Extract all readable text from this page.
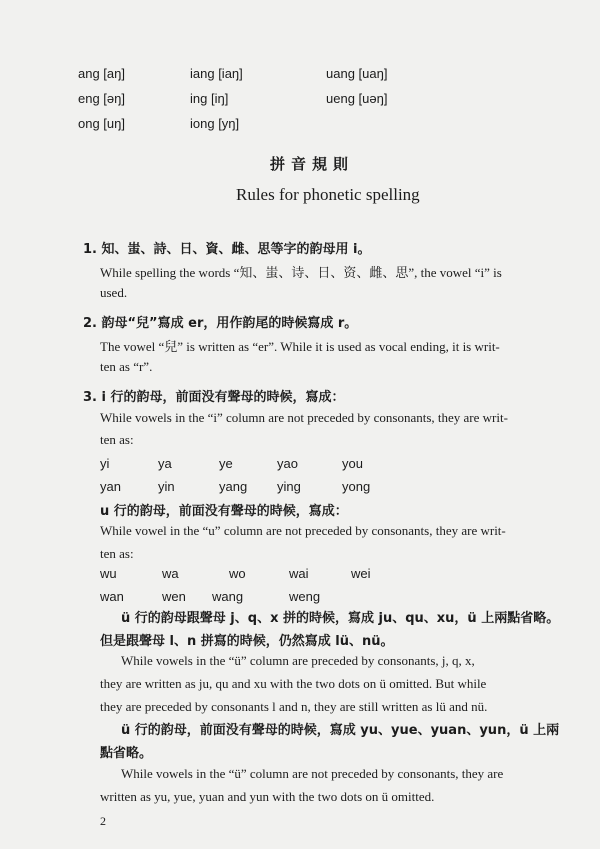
ang [aŋ]	iang [iaŋ]	uang [uaŋ]
eng [əŋ]	ing [iŋ]	ueng [uəŋ]
ong [uŋ]	iong [yŋ]
拼音規則
Rules for phonetic spelling
1. 知、蚩、詩、日、資、雌、思等字的韵母用 i。
While spelling the words “知、蚩、诗、日、资、雌、思”, the vowel “i” is
used.
2. 韵母“兒”寫成 er，用作韵尾的時候寫成 r。
The vowel “兒” is written as “er”. While it is used as vocal ending, it is writ-
ten as “r”.
3. i 行的韵母，前面没有聲母的時候，寫成：
While vowels in the “i” column are not preceded by consonants, they are writ-
ten as:
yi	ya	ye	yao	you
yan	yin	yang ying	yong
u 行的韵母，前面没有聲母的時候，寫成：
While vowel in the “u” column are not preceded by consonants, they are writ-
ten as:
wu	wa	wo	wai	wei
wan	wen wang	weng
ü 行的韵母跟聲母 j、q、x 拼的時候，寫成 ju、qu、xu，ü 上兩點省略。
但是跟聲母 l、n 拼寫的時候，仍然寫成 lü、nü。
While vowels in the “ü” column are preceded by consonants, j, q, x,
they are written as ju, qu and xu with the two dots on ü omitted. But while
they are preceded by consonants l and n, they are still written as lü and nü.
ü 行的韵母，前面没有聲母的時候，寫成 yu、yue、yuan、yun，ü 上兩
點省略。
While vowels in the “ü” column are not preceded by consonants, they are
written as yu, yue, yuan and yun with the two dots on ü omitted.
2
